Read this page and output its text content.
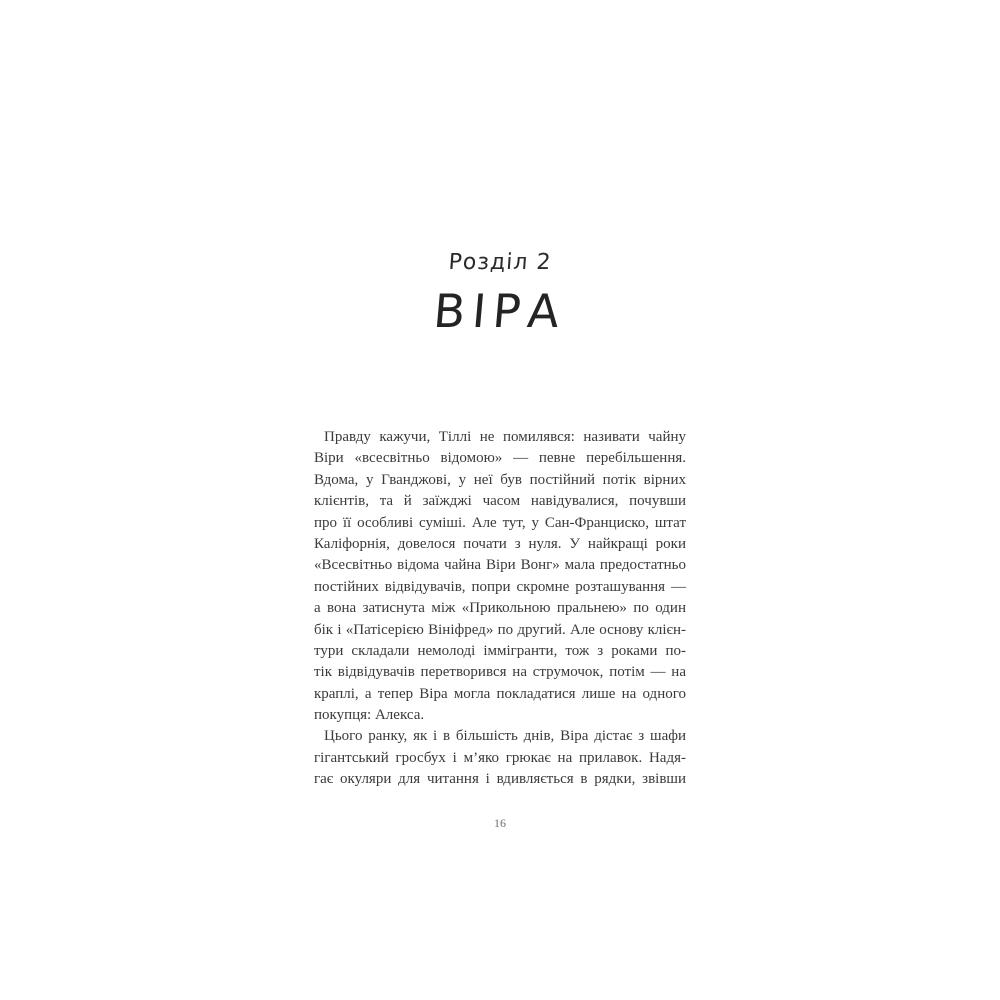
Розділ 2
ВІРА
Правду кажучи, Тіллі не помилявся: називати чайну
Віри «всесвітньо відомою» — певне перебільшення.
Вдома, у Гванджові, у неї був постійний потік вірних
клієнтів, та й заїжджі часом навідувалися, почувши
про її особливі суміші. Але тут, у Сан-Франциско, штат
Каліфорнія, довелося почати з нуля. У найкращі роки
«Всесвітньо відома чайна Віри Вонг» мала предостатньо
постійних відвідувачів, попри скромне розташування —
а вона затиснута між «Прикольною пральнею» по один
бік і «Патісерією Вініфред» по другий. Але основу клієн-
тури складали немолоді іммігранти, тож з роками по-
тік відвідувачів перетворився на струмочок, потім — на
краплі, а тепер Віра могла покладатися лише на одного
покупця: Алекса.
Цього ранку, як і в більшість днів, Віра дістає з шафи
гігантський гросбух і м’яко грюкає на прилавок. Надя-
гає окуляри для читання і вдивляється в рядки, звівши
16
